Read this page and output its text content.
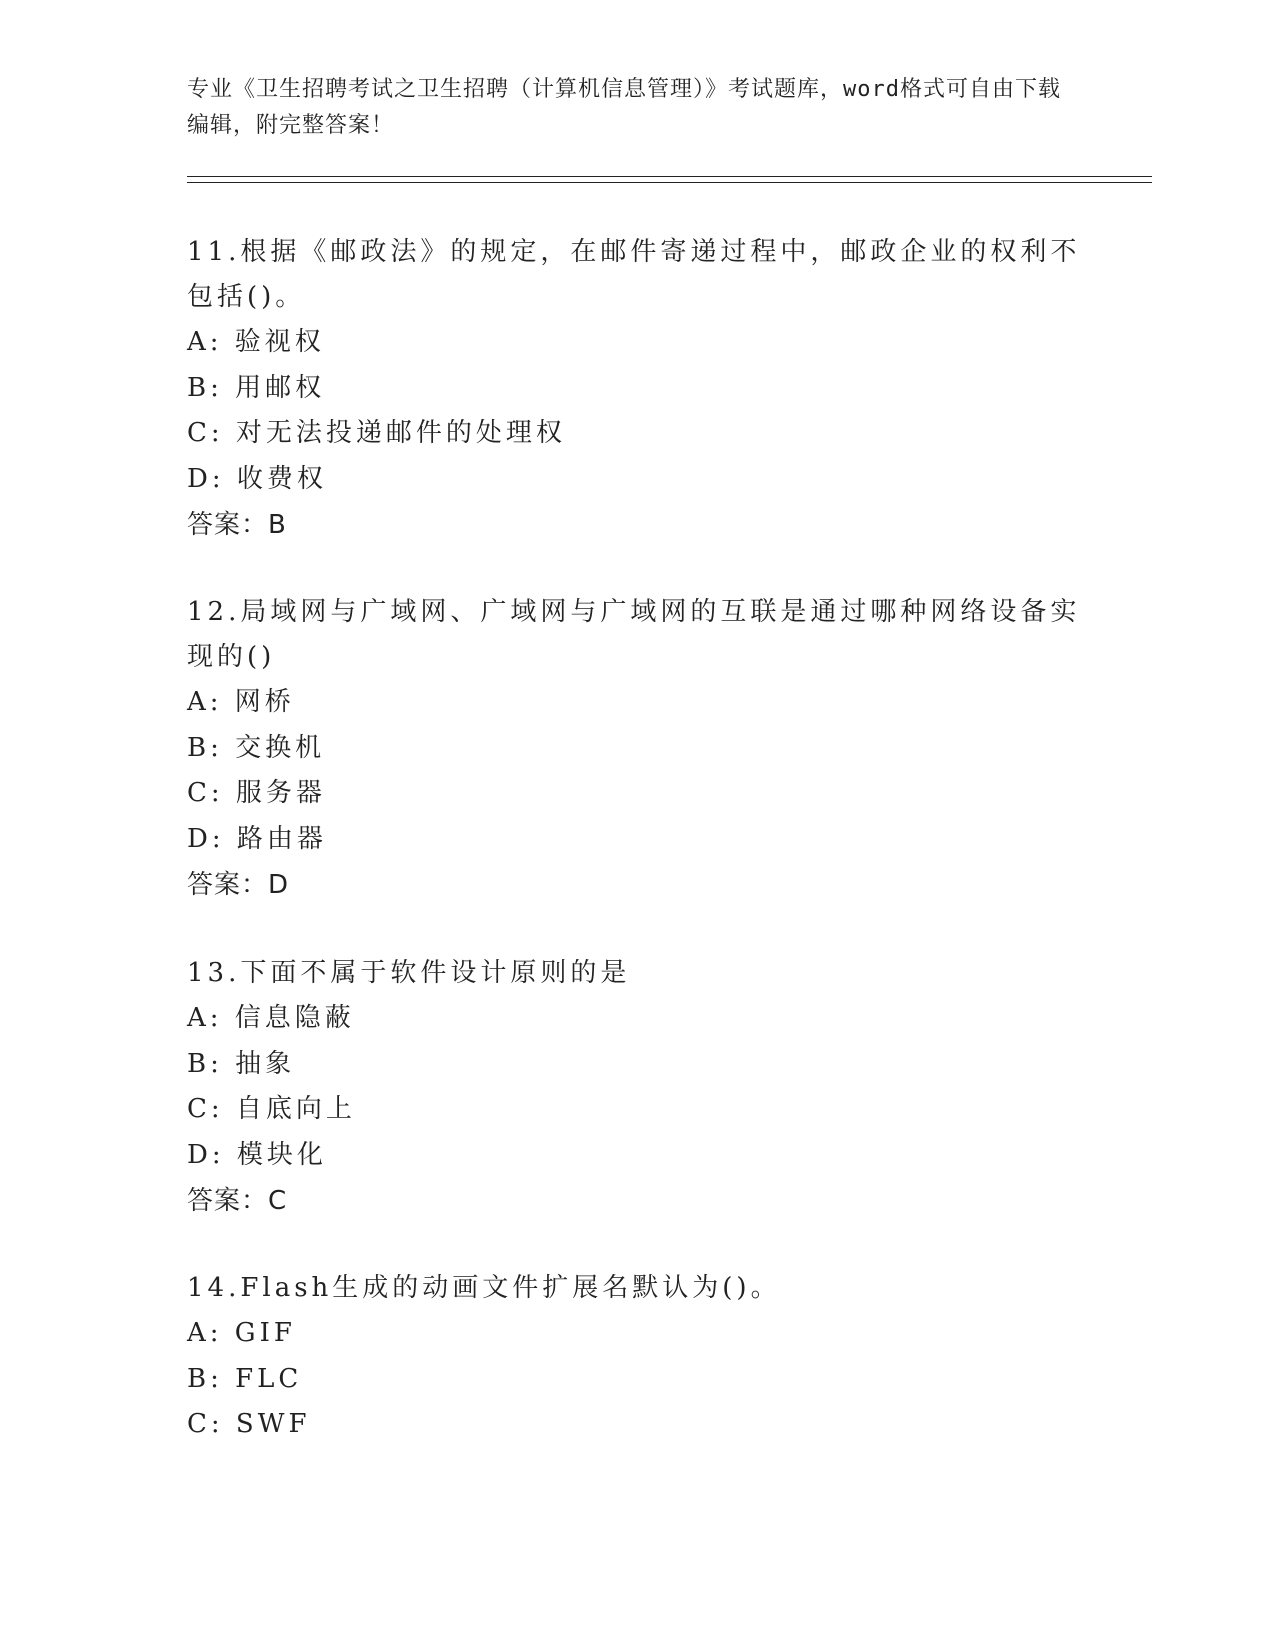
专业《卫生招聘考试之卫生招聘（计算机信息管理）》考试题库，word格式可自由下载编辑，附完整答案！

11.根据《邮政法》的规定，在邮件寄递过程中，邮政企业的权利不包括()。

A: 验视权

B: 用邮权

C: 对无法投递邮件的处理权

D: 收费权

答案：B

12.局域网与广域网、广域网与广域网的互联是通过哪种网络设备实现的()

A: 网桥

B: 交换机

C: 服务器

D: 路由器

答案：D

13.下面不属于软件设计原则的是

A: 信息隐蔽

B: 抽象

C: 自底向上

D: 模块化

答案：C

14.Flash生成的动画文件扩展名默认为()。

A: GIF

B: FLC

C: SWF
